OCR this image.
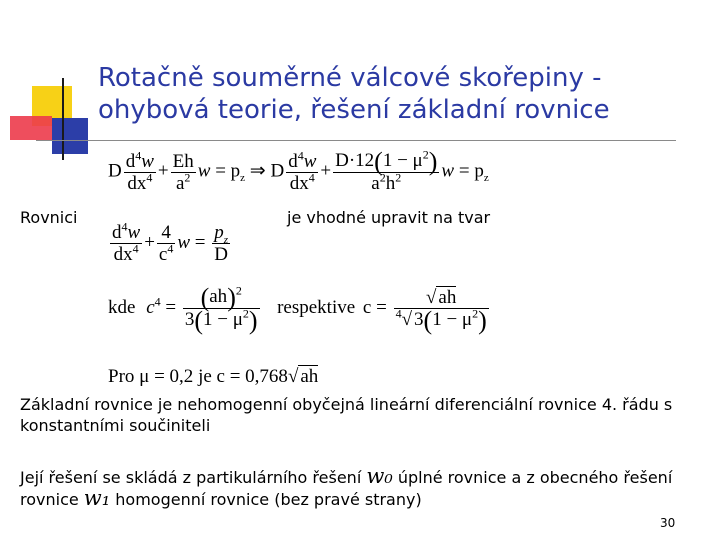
Rotačně souměrné válcové skořepiny -
ohybová teorie, řešení základní rovnice
D $\frac{d^4w}{dx^4} + \frac{Eh}{a^2}$ $w = p_z$ ⇒ D $\frac{d^4w}{dx^4} + \frac{D\cdot 12(1 - \mu^2)}{a^2h^2}$ $w = p_z$
Rovnici	je vhodné upravit na tvar
$\frac{d^4w}{dx^4} + \frac{4}{c^4}$ $w = \frac{p_z}{D}$
kde $c^4 = \frac{(ah)^2}{3(1 - \mu^2)}$ respektive $c = \frac{√ ah}{^4√ 3(1 - \mu^2)}$
Pro μ = 0,2 je c = 0,768√ ah

Základní rovnice je nehomogenní obyčejná lineární diferenciální rovnice 4. řádu s konstantními součiniteli

Její řešení se skládá z partikulárního řešení w₀ úplné rovnice a z obecného řešení rovnice w₁ homogenní rovnice (bez pravé strany)

30
